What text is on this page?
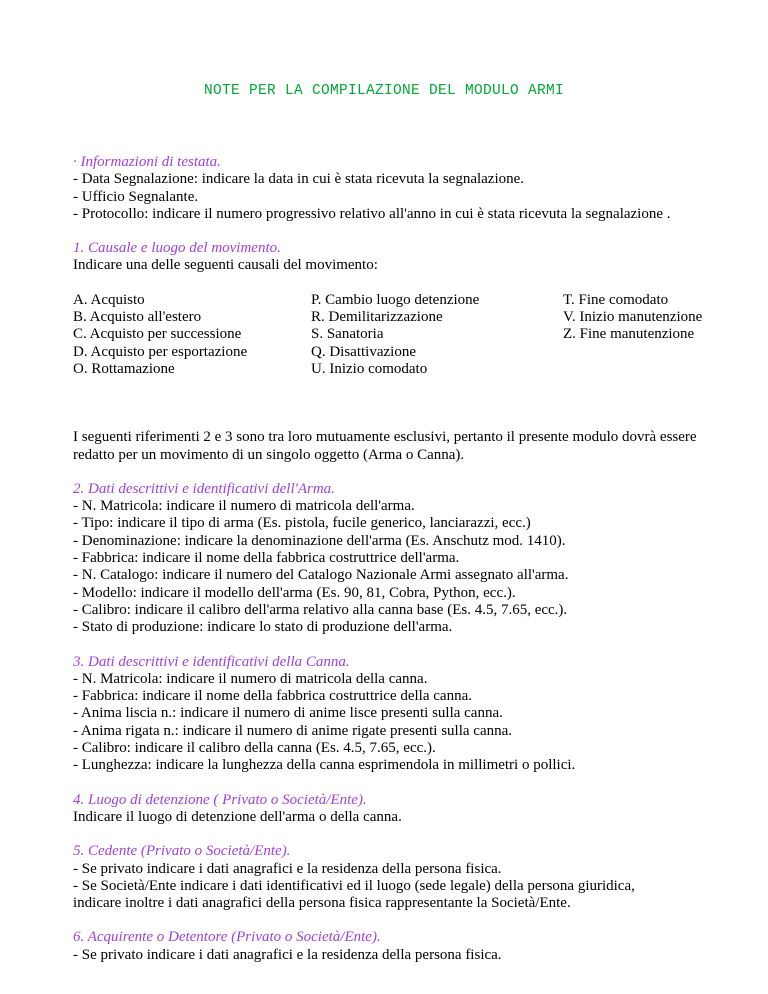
NOTE PER LA COMPILAZIONE DEL MODULO ARMI
· Informazioni di testata.
- Data Segnalazione: indicare la data in cui è stata ricevuta la segnalazione.
- Ufficio Segnalante.
- Protocollo: indicare il numero progressivo relativo all'anno in cui è stata ricevuta la segnalazione .
1. Causale e luogo del movimento.
Indicare una delle seguenti causali del movimento:
A. Acquisto
B. Acquisto all'estero
C. Acquisto per successione
D. Acquisto per esportazione
O. Rottamazione
P. Cambio luogo detenzione
R. Demilitarizzazione
S. Sanatoria
Q. Disattivazione
U. Inizio comodato
T. Fine comodato
V. Inizio manutenzione
Z. Fine manutenzione
I seguenti riferimenti 2 e 3 sono tra loro mutuamente esclusivi, pertanto il presente modulo dovrà essere redatto per un movimento di un singolo oggetto (Arma o Canna).
2. Dati descrittivi e identificativi dell'Arma.
- N. Matricola: indicare il numero di matricola dell'arma.
- Tipo: indicare il tipo di arma (Es. pistola, fucile generico, lanciarazzi, ecc.)
- Denominazione: indicare la denominazione dell'arma (Es. Anschutz mod. 1410).
- Fabbrica: indicare il nome della fabbrica costruttrice dell'arma.
- N. Catalogo: indicare il numero del Catalogo Nazionale Armi assegnato all'arma.
- Modello: indicare il modello dell'arma (Es. 90, 81, Cobra, Python, ecc.).
- Calibro: indicare il calibro dell'arma relativo alla canna base (Es. 4.5, 7.65, ecc.).
- Stato di produzione: indicare lo stato di produzione dell'arma.
3. Dati descrittivi e identificativi della Canna.
- N. Matricola: indicare il numero di matricola della canna.
- Fabbrica: indicare il nome della fabbrica costruttrice della canna.
- Anima liscia n.: indicare il numero di anime lisce presenti sulla canna.
- Anima rigata n.: indicare il numero di anime rigate presenti sulla canna.
- Calibro: indicare il calibro della canna (Es. 4.5, 7.65, ecc.).
- Lunghezza: indicare la lunghezza della canna esprimendola in millimetri o pollici.
4. Luogo di detenzione ( Privato o Società/Ente).
Indicare il luogo di detenzione dell'arma o della canna.
5. Cedente (Privato o Società/Ente).
- Se privato indicare i dati anagrafici e la residenza della persona fisica.
- Se Società/Ente indicare i dati identificativi ed il luogo (sede legale) della persona giuridica,
indicare inoltre i dati anagrafici della persona fisica rappresentante la Società/Ente.
6. Acquirente o Detentore (Privato o Società/Ente).
- Se privato indicare i dati anagrafici e la residenza della persona fisica.
